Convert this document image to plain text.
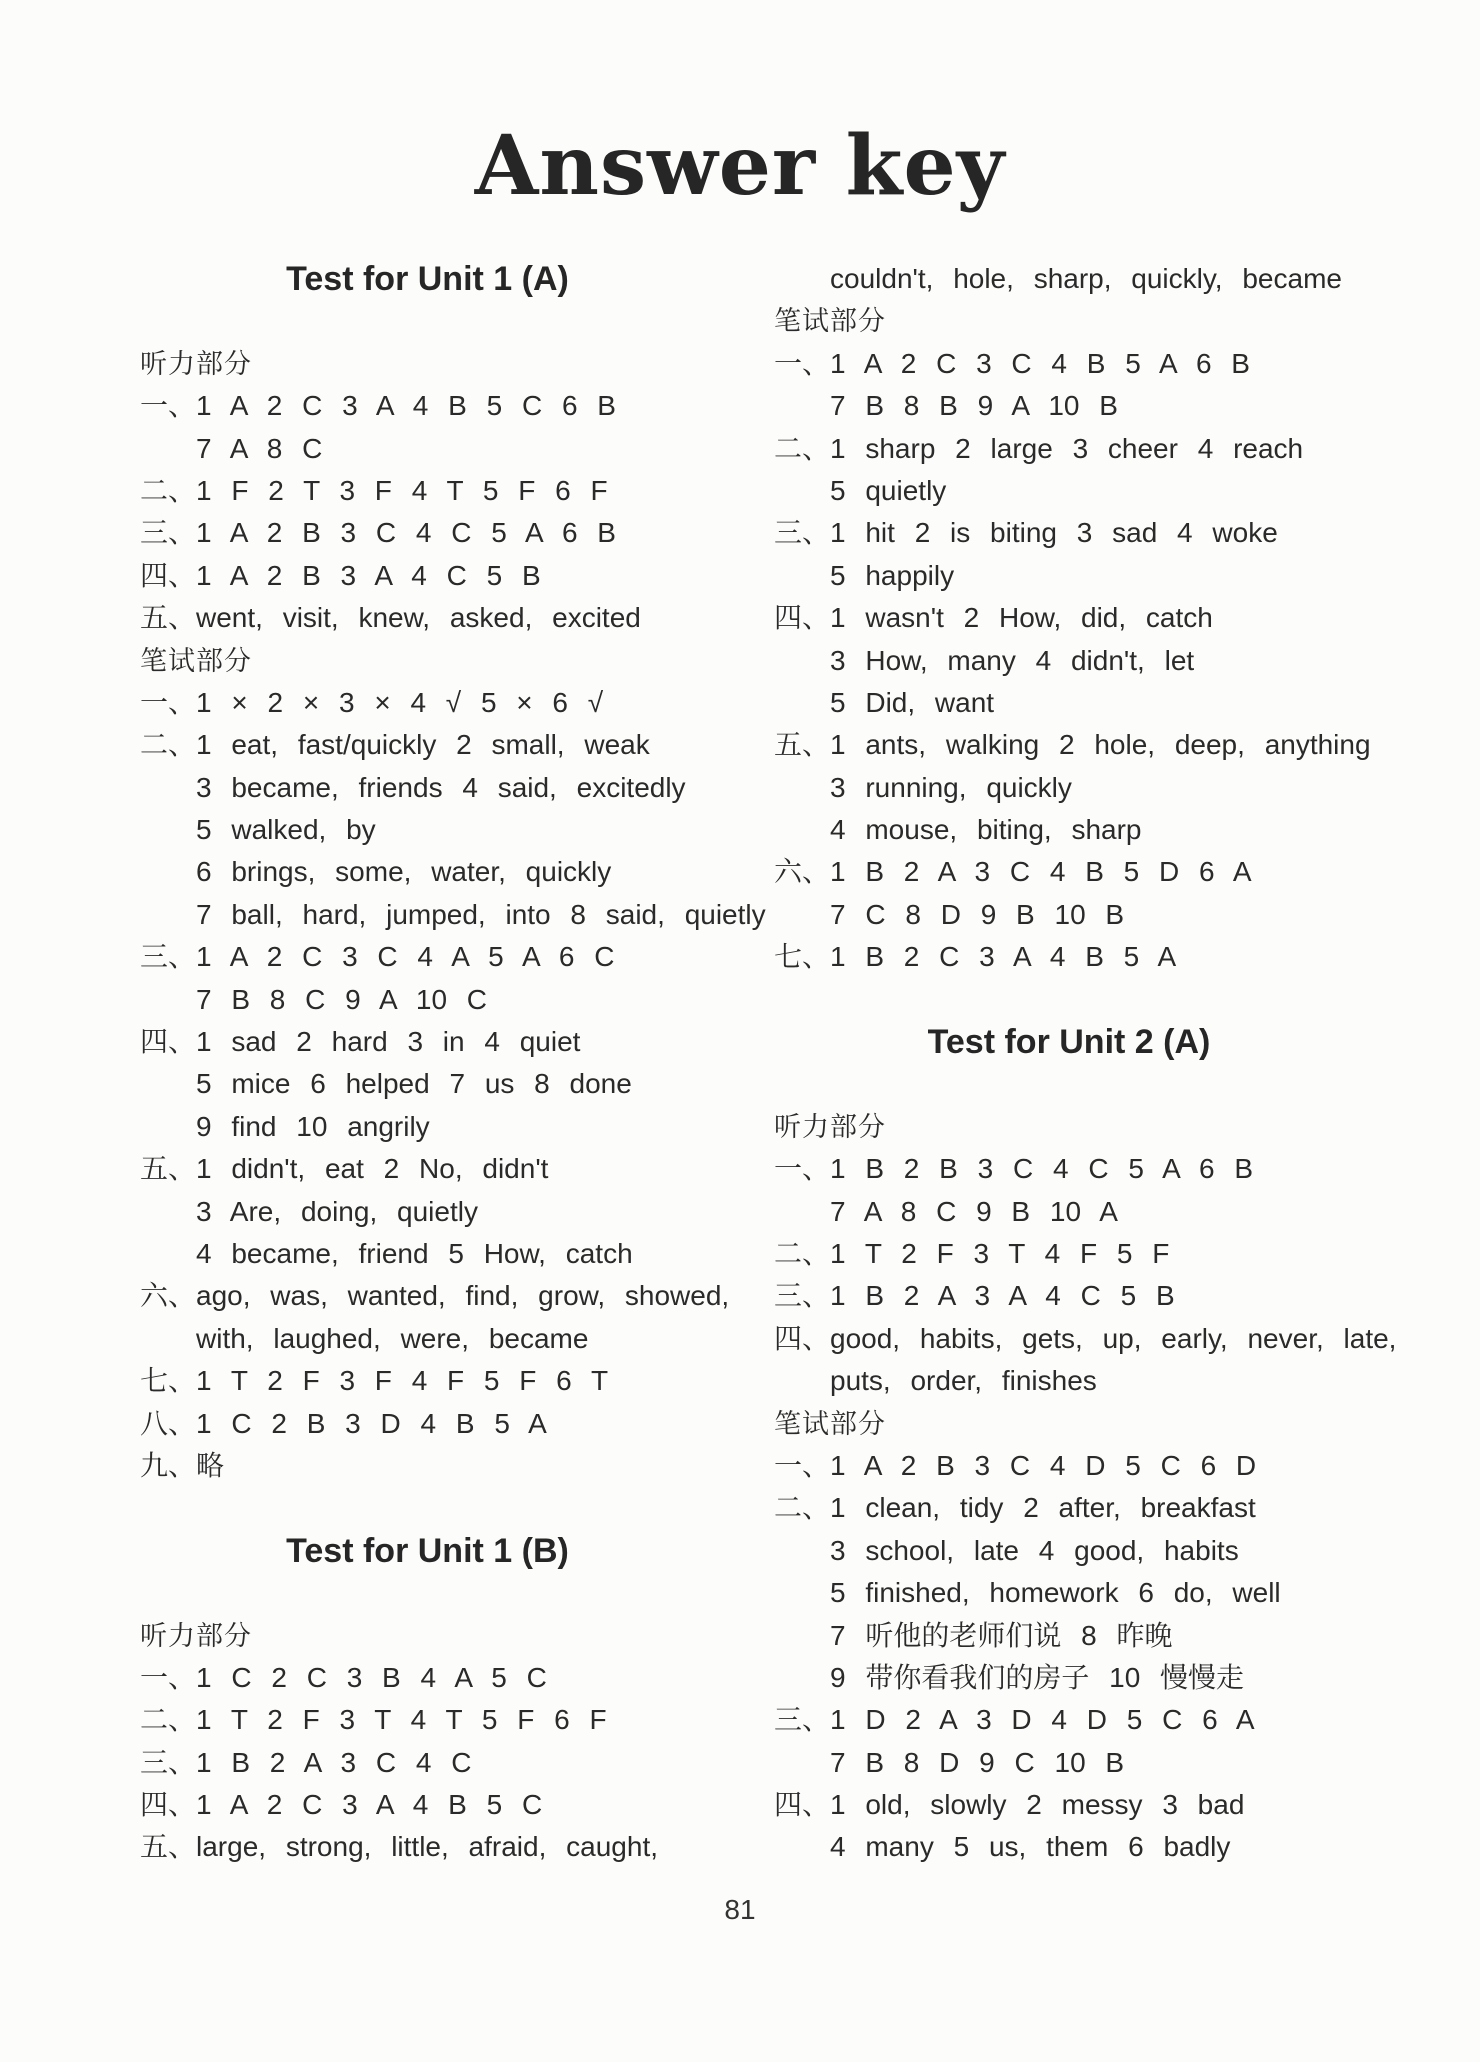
Answer key
Test for Unit 1 (A)
听力部分
一、1 A 2 C 3 A 4 B 5 C 6 B
7 A 8 C
二、1 F 2 T 3 F 4 T 5 F 6 F
三、1 A 2 B 3 C 4 C 5 A 6 B
四、1 A 2 B 3 A 4 C 5 B
五、went, visit, knew, asked, excited
笔试部分
一、1 × 2 × 3 × 4 √ 5 × 6 √
二、1 eat, fast/quickly 2 small, weak
3 became, friends 4 said, excitedly
5 walked, by
6 brings, some, water, quickly
7 ball, hard, jumped, into 8 said, quietly
三、1 A 2 C 3 C 4 A 5 A 6 C
7 B 8 C 9 A 10 C
四、1 sad 2 hard 3 in 4 quiet
5 mice 6 helped 7 us 8 done
9 find 10 angrily
五、1 didn't, eat 2 No, didn't
3 Are, doing, quietly
4 became, friend 5 How, catch
六、ago, was, wanted, find, grow, showed,
with, laughed, were, became
七、1 T 2 F 3 F 4 F 5 F 6 T
八、1 C 2 B 3 D 4 B 5 A
九、略
Test for Unit 1 (B)
听力部分
一、1 C 2 C 3 B 4 A 5 C
二、1 T 2 F 3 T 4 T 5 F 6 F
三、1 B 2 A 3 C 4 C
四、1 A 2 C 3 A 4 B 5 C
五、large, strong, little, afraid, caught,
couldn't, hole, sharp, quickly, became
笔试部分
一、1 A 2 C 3 C 4 B 5 A 6 B
7 B 8 B 9 A 10 B
二、1 sharp 2 large 3 cheer 4 reach
5 quietly
三、1 hit 2 is biting 3 sad 4 woke
5 happily
四、1 wasn't 2 How, did, catch
3 How, many 4 didn't, let
5 Did, want
五、1 ants, walking 2 hole, deep, anything
3 running, quickly
4 mouse, biting, sharp
六、1 B 2 A 3 C 4 B 5 D 6 A
7 C 8 D 9 B 10 B
七、1 B 2 C 3 A 4 B 5 A
Test for Unit 2 (A)
听力部分
一、1 B 2 B 3 C 4 C 5 A 6 B
7 A 8 C 9 B 10 A
二、1 T 2 F 3 T 4 F 5 F
三、1 B 2 A 3 A 4 C 5 B
四、good, habits, gets, up, early, never, late,
puts, order, finishes
笔试部分
一、1 A 2 B 3 C 4 D 5 C 6 D
二、1 clean, tidy 2 after, breakfast
3 school, late 4 good, habits
5 finished, homework 6 do, well
7 听他的老师们说 8 昨晚
9 带你看我们的房子 10 慢慢走
三、1 D 2 A 3 D 4 D 5 C 6 A
7 B 8 D 9 C 10 B
四、1 old, slowly 2 messy 3 bad
4 many 5 us, them 6 badly
81
